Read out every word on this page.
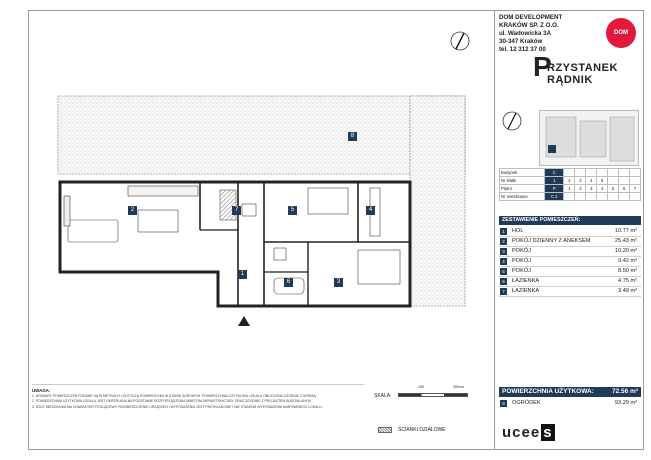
1
2
3
4
5
6
7
8
DOM DEVELOPMENT
KRAKÓW SP. Z O.O.
ul. Wadowicka 3A
30-347 Kraków
tel. 12 312 37 00
DOM
P
RZYSTANEK
RĄDNIK
Budynek	C							
Nr klatki	1	2	3	4	5			
Piętro	P	1	2	3	4	5	6	7
Nr mieszkania	C 2							
ZESTAWIENIE POMIESZCZEŃ:
1	HOL	10.77 m²
2	POKÓJ DZIENNY Z ANEKSEM	25.43 m²
3	POKÓJ	10.20 m²
4	POKÓJ	9.42 m²
5	POKÓJ	8.50 m²
6	ŁAZIENKA	4.75 m²
7	ŁAZIENKA	3.49 m²
POWIERZCHNIA UŻYTKOWA:	72.56 m²
8	OGRÓDEK	93.29 m²
UWAGA:

1. WYMIARY POMIESZCZEŃ PODANE SĄ W METRACH I DOTYCZĄ POWIERZCHNI W STANIE SUROWYM. POWIERZCHNIA UŻYTKOWA LOKALU OBLICZONA ZGODNIE Z NORMĄ.

2. POWIERZCHNIA UŻYTKOWA LOKALU JEST OKREŚLANA NA PODSTAWIE ROZPORZĄDZENIA MINISTRA INFRASTRUKTURY ORAZ ZGODNIE Z PROJEKTEM BUDOWLANYM.

3. RZUT MIESZKANIA MA CHARAKTER POGLĄDOWY. ROZMIESZCZENIE URZĄDZEŃ I WYPOSAŻENIA JEST PRZYKŁADOWE I NIE STANOWI WYPOSAŻENIA NABYWANEGO LOKALU.

SKALA:
100	200cm
ŚCIANKI DZIAŁOWE	ucee s
